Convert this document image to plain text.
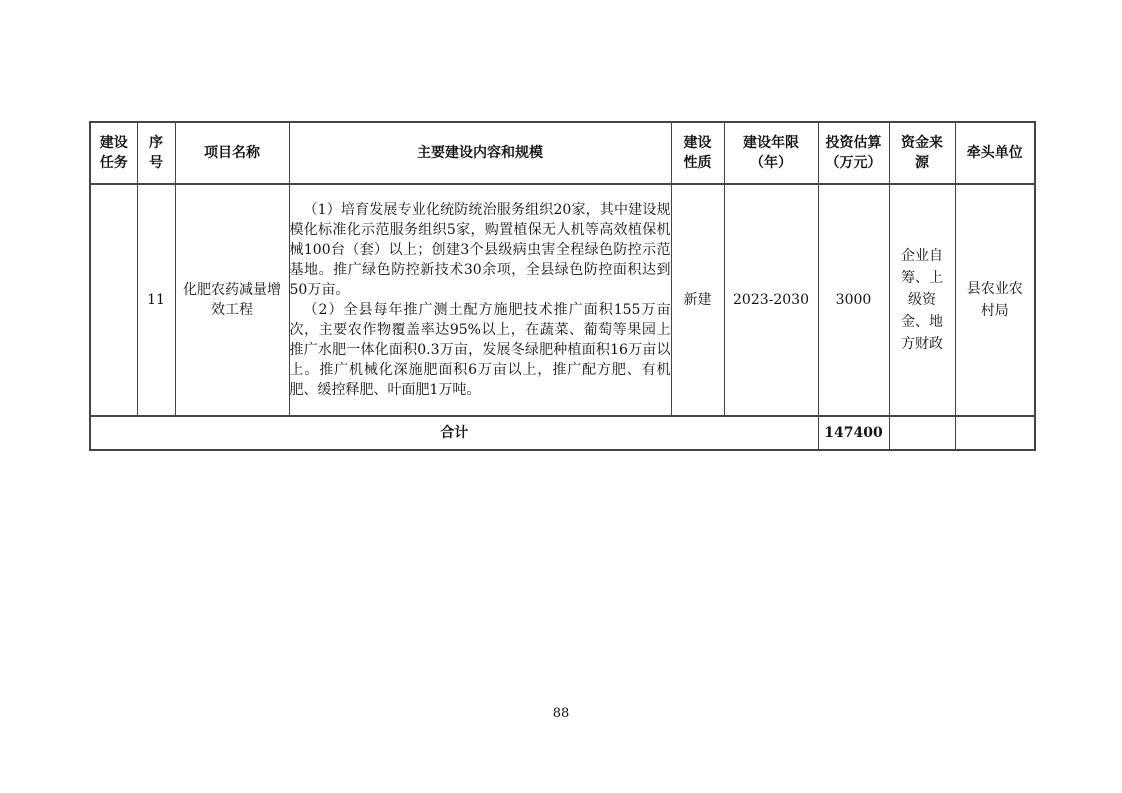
建设任务	序号	项目名称	主要建设内容和规模	建设性质	建设年限（年）	投资估算（万元）	资金来源	牵头单位
	11	化肥农药减量增效工程	（1）培育发展专业化统防统治服务组织20家，其中建设规模化标准化示范服务组织5家，购置植保无人机等高效植保机械100台（套）以上；创建3个县级病虫害全程绿色防控示范基地。推广绿色防控新技术30余项，全县绿色防控面积达到50万亩。
（2）全县每年推广测土配方施肥技术推广面积155万亩次，主要农作物覆盖率达95%以上，在蔬菜、葡萄等果园上推广水肥一体化面积0.3万亩，发展冬绿肥种植面积16万亩以上。推广机械化深施肥面积6万亩以上，推广配方肥、有机肥、缓控释肥、叶面肥1万吨。	新建	2023-2030	3000	企业自筹、上级资金、地方财政	县农业农村局
合计						147400		
88
